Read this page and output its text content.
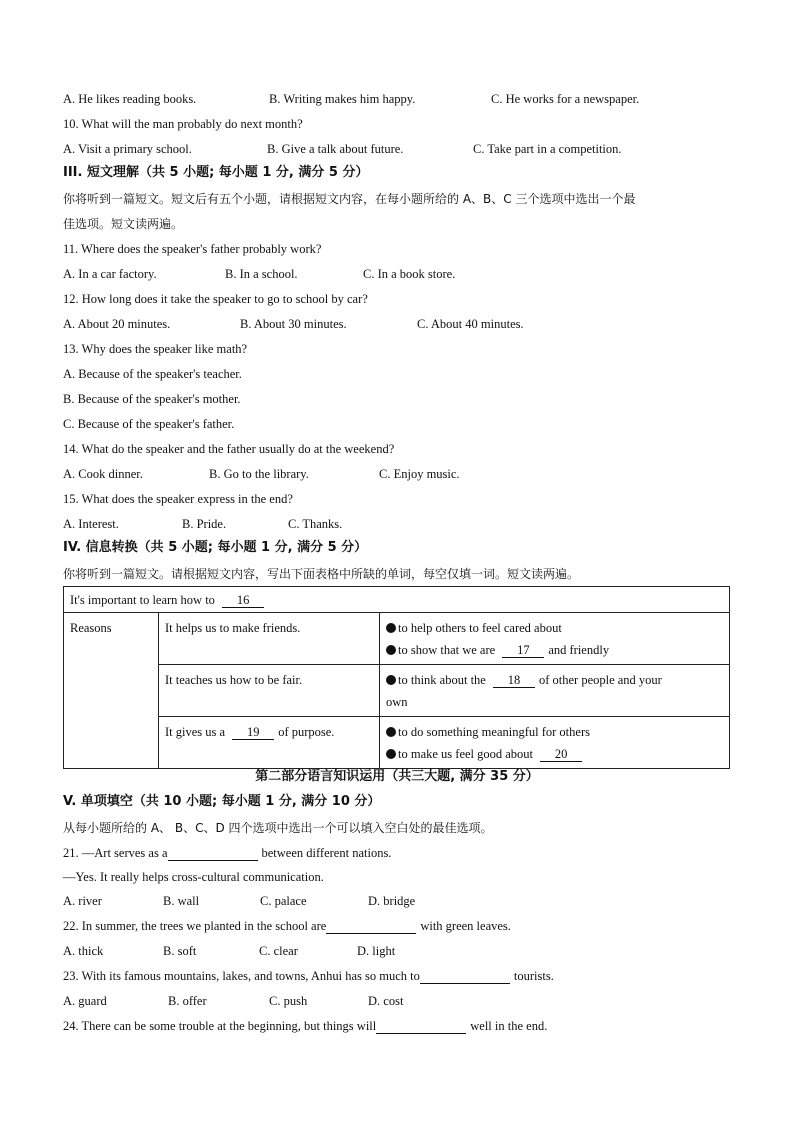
A. He likes reading books.	B. Writing makes him happy.	C. He works for a newspaper.
10. What will the man probably do next month?
A. Visit a primary school.	B. Give a talk about future.	C. Take part in a competition.
III. 短文理解（共 5 小题; 每小题 1 分, 满分 5 分）
你将听到一篇短文。短文后有五个小题，请根据短文内容，在每小题所给的 A、B、C 三个选项中选出一个最
佳选项。短文读两遍。
11. Where does the speaker's father probably work?
A. In a car factory.	B. In a school.	C. In a book store.
12. How long does it take the speaker to go to school by car?
A. About 20 minutes.	B. About 30 minutes.	C. About 40 minutes.
13. Why does the speaker like math?
A. Because of the speaker's teacher.
B. Because of the speaker's mother.
C. Because of the speaker's father.
14. What do the speaker and the father usually do at the weekend?
A. Cook dinner.	B. Go to the library.	C. Enjoy music.
15. What does the speaker express in the end?
A. Interest.	B. Pride.	C. Thanks.
IV. 信息转换（共 5 小题; 每小题 1 分, 满分 5 分）
你将听到一篇短文。请根据短文内容，写出下面表格中所缺的单词，每空仅填一词。短文读两遍。
It's important to learn how to 16		
Reasons	It helps us to make friends.	to help others to feel cared about
to show that we are 17 and friendly

	It teaches us how to be fair.	to think about the 18 of other people and your
own

	It gives us a 19 of purpose.	to do something meaningful for others
to make us feel good about 20
第二部分语言知识运用（共三大题, 满分 35 分）
V. 单项填空（共 10 小题; 每小题 1 分, 满分 10 分）
从每小题所给的 A、 B、C、D 四个选项中选出一个可以填入空白处的最佳选项。
21. —Art serves as a	between different nations.
—Yes. It really helps cross-cultural communication.
A. river	B. wall	C. palace	D. bridge
22. In summer, the trees we planted in the school are	with green leaves.
A. thick	B. soft	C. clear	D. light
23. With its famous mountains, lakes, and towns, Anhui has so much to	tourists.
A. guard	B. offer	C. push	D. cost
24. There can be some trouble at the beginning, but things will	well in the end.
